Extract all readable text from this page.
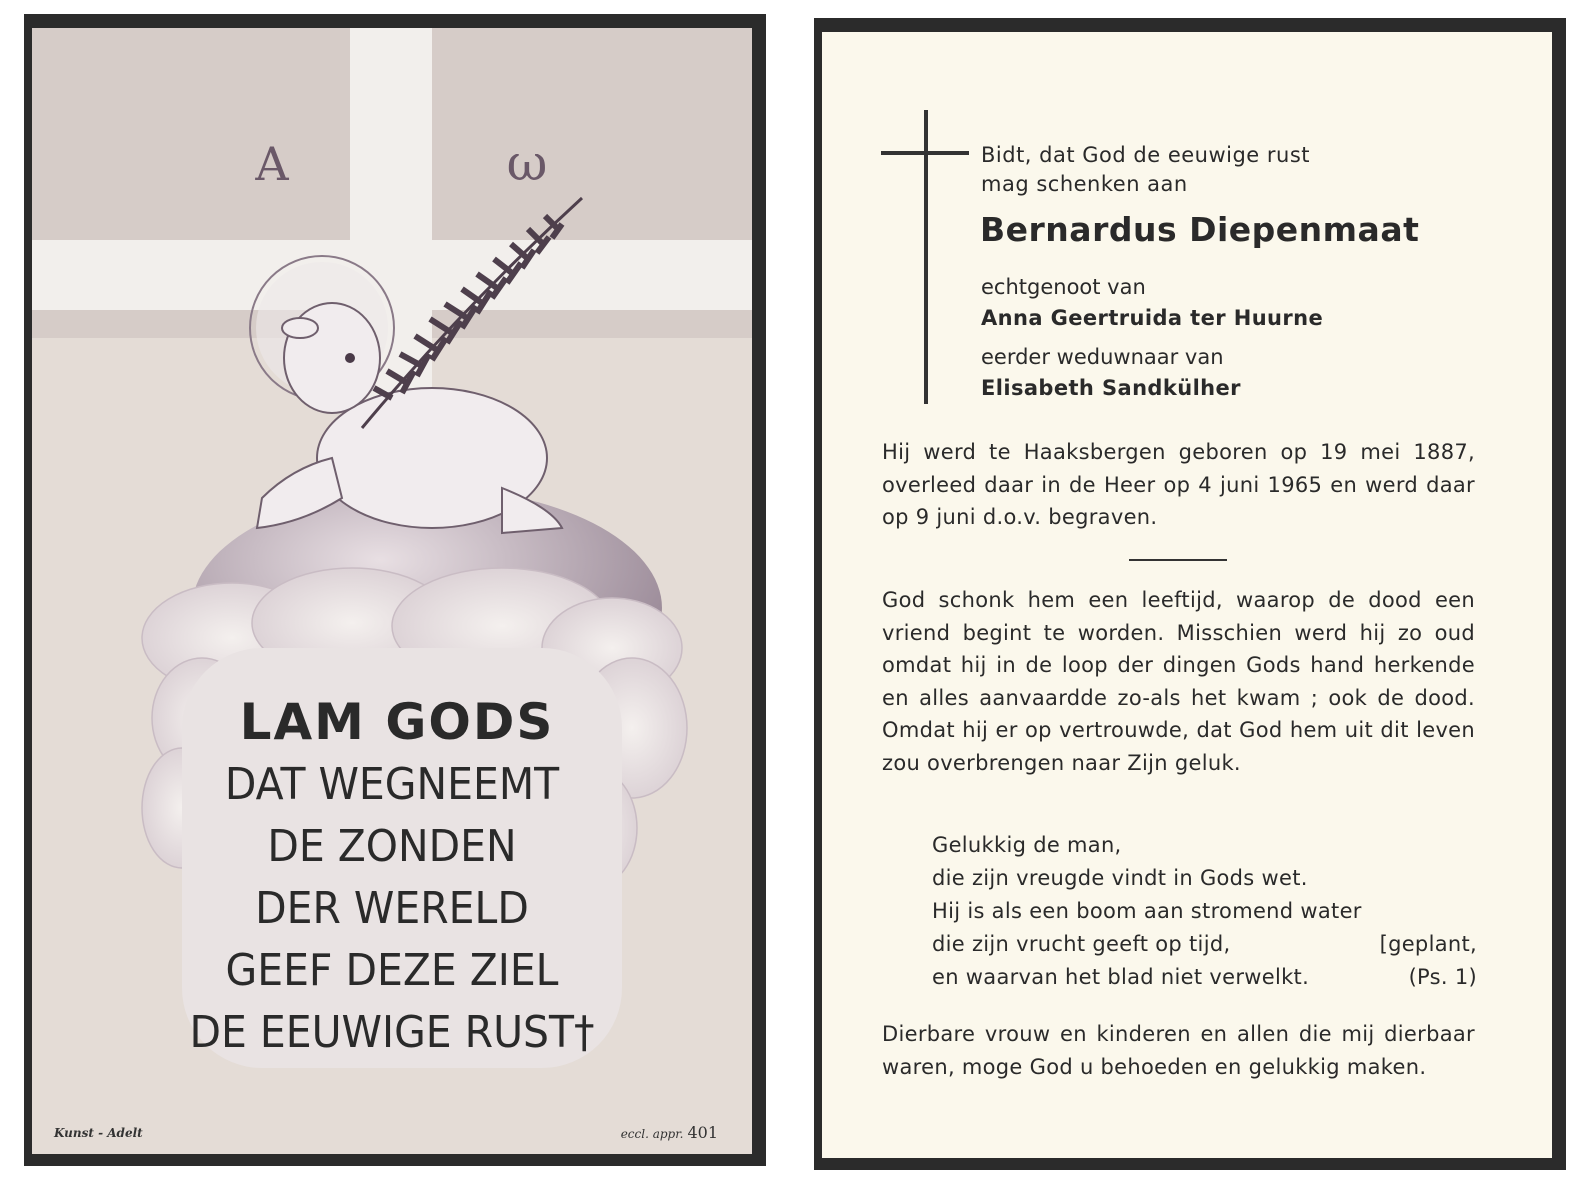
A	ω
LAM GODS
DAT WEGNEEMT
DE ZONDEN
DER WERELD
GEEF DEZE ZIEL
DE EEUWIGE RUST†
Kunst - Adelt	eccl. appr. 401
Bidt, dat God de eeuwige rust
mag schenken aan
Bernardus Diepenmaat
echtgenoot van
Anna Geertruida ter Huurne
eerder weduwnaar van
Elisabeth Sandkülher
Hij werd te Haaksbergen geboren op 19 mei 1887, overleed daar in de Heer op 4 juni 1965 en werd daar op 9 juni d.o.v. begraven.
God schonk hem een leeftijd, waarop de dood een vriend begint te worden. Misschien werd hij zo oud omdat hij in de loop der dingen Gods hand herkende en alles aanvaardde zo-als het kwam ; ook de dood. Omdat hij er op vertrouwde, dat God hem uit dit leven zou overbrengen naar Zijn geluk.
Gelukkig de man,
die zijn vreugde vindt in Gods wet.
Hij is als een boom aan stromend water
die zijn vrucht geeft op tijd,	[geplant,
en waarvan het blad niet verwelkt.	(Ps. 1)
Dierbare vrouw en kinderen en allen die mij dierbaar waren, moge God u behoeden en gelukkig maken.
